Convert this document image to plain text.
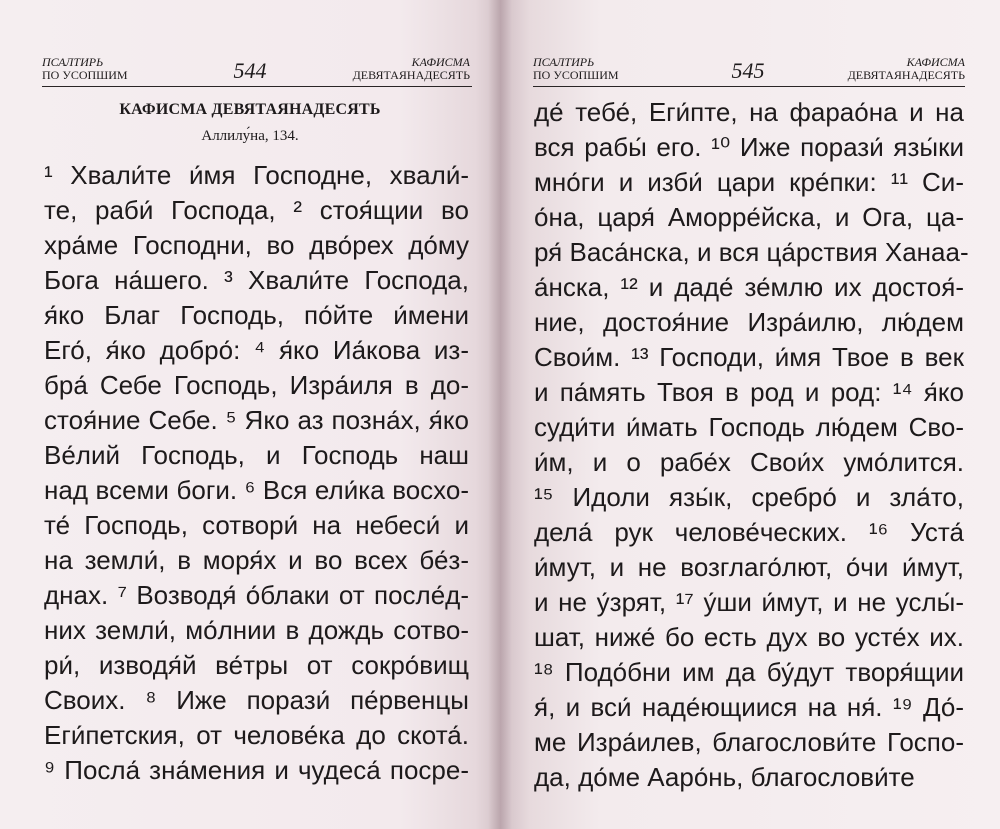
ПСАЛТИРЬ
ПО УСОПШИМ	544	КАФИСМА
ДЕВЯТАЯНАДЕСЯТЬ
КАФИСМА ДЕВЯТАЯНАДЕСЯТЬ
Аллилу́на, 134.
¹ Хвали́те и́мя Господне, хвали́-
те, раби́ Господа, ² стоя́щии во
хра́ме Господни, во дво́рех до́му
Бога на́шего. ³ Хвали́те Господа,
я́ко Благ Господь, по́йте и́мени
Его́, я́ко добро́: ⁴ я́ко Иа́кова из-
бра́ Себе Господь, Изра́иля в до-
стоя́ние Себе. ⁵ Яко аз позна́х, я́ко
Ве́лий Господь, и Господь наш
над всеми боги. ⁶ Вся ели́ка восхо-
те́ Господь, сотвори́ на небеси́ и
на земли́, в моря́х и во всех бе́з-
днах. ⁷ Возводя́ о́блаки от после́д-
них земли́, мо́лнии в дождь сотво-
ри́, изводя́й ве́тры от сокро́вищ
Своих. ⁸ Иже порази́ пе́рвенцы
Еги́петския, от челове́ка до скота́.
⁹ Посла́ зна́мения и чудеса́ посре-
ПСАЛТИРЬ
ПО УСОПШИМ	545	КАФИСМА
ДЕВЯТАЯНАДЕСЯТЬ
де́ тебе́, Еги́пте, на фарао́на и на
вся рабы́ его. ¹⁰ Иже порази́ язы́ки
мно́ги и изби́ цари кре́пки: ¹¹ Си-
о́на, царя́ Аморре́йска, и Ога, ца-
ря́ Васа́нска, и вся ца́рствия Ханаа-
а́нска, ¹² и даде́ зе́млю их достоя́-
ние, достоя́ние Изра́илю, лю́дем
Свои́м. ¹³ Господи, и́мя Твое в век
и па́мять Твоя в род и род: ¹⁴ я́ко
суди́ти и́мать Господь лю́дем Сво-
и́м, и о рабе́х Свои́х умо́лится.
¹⁵ Идоли язы́к, сребро́ и зла́то,
дела́ рук челове́ческих. ¹⁶ Уста́
и́мут, и не возглаго́лют, о́чи и́мут,
и не у́зрят, ¹⁷ у́ши и́мут, и не услы́-
шат, ниже́ бо есть дух во усте́х их.
¹⁸ Подо́бни им да бу́дут творя́щии
я́, и вси́ наде́ющиися на ня́. ¹⁹ До́-
ме Изра́илев, благослови́те Госпо-
да, до́ме Ааро́нь, благослови́те
